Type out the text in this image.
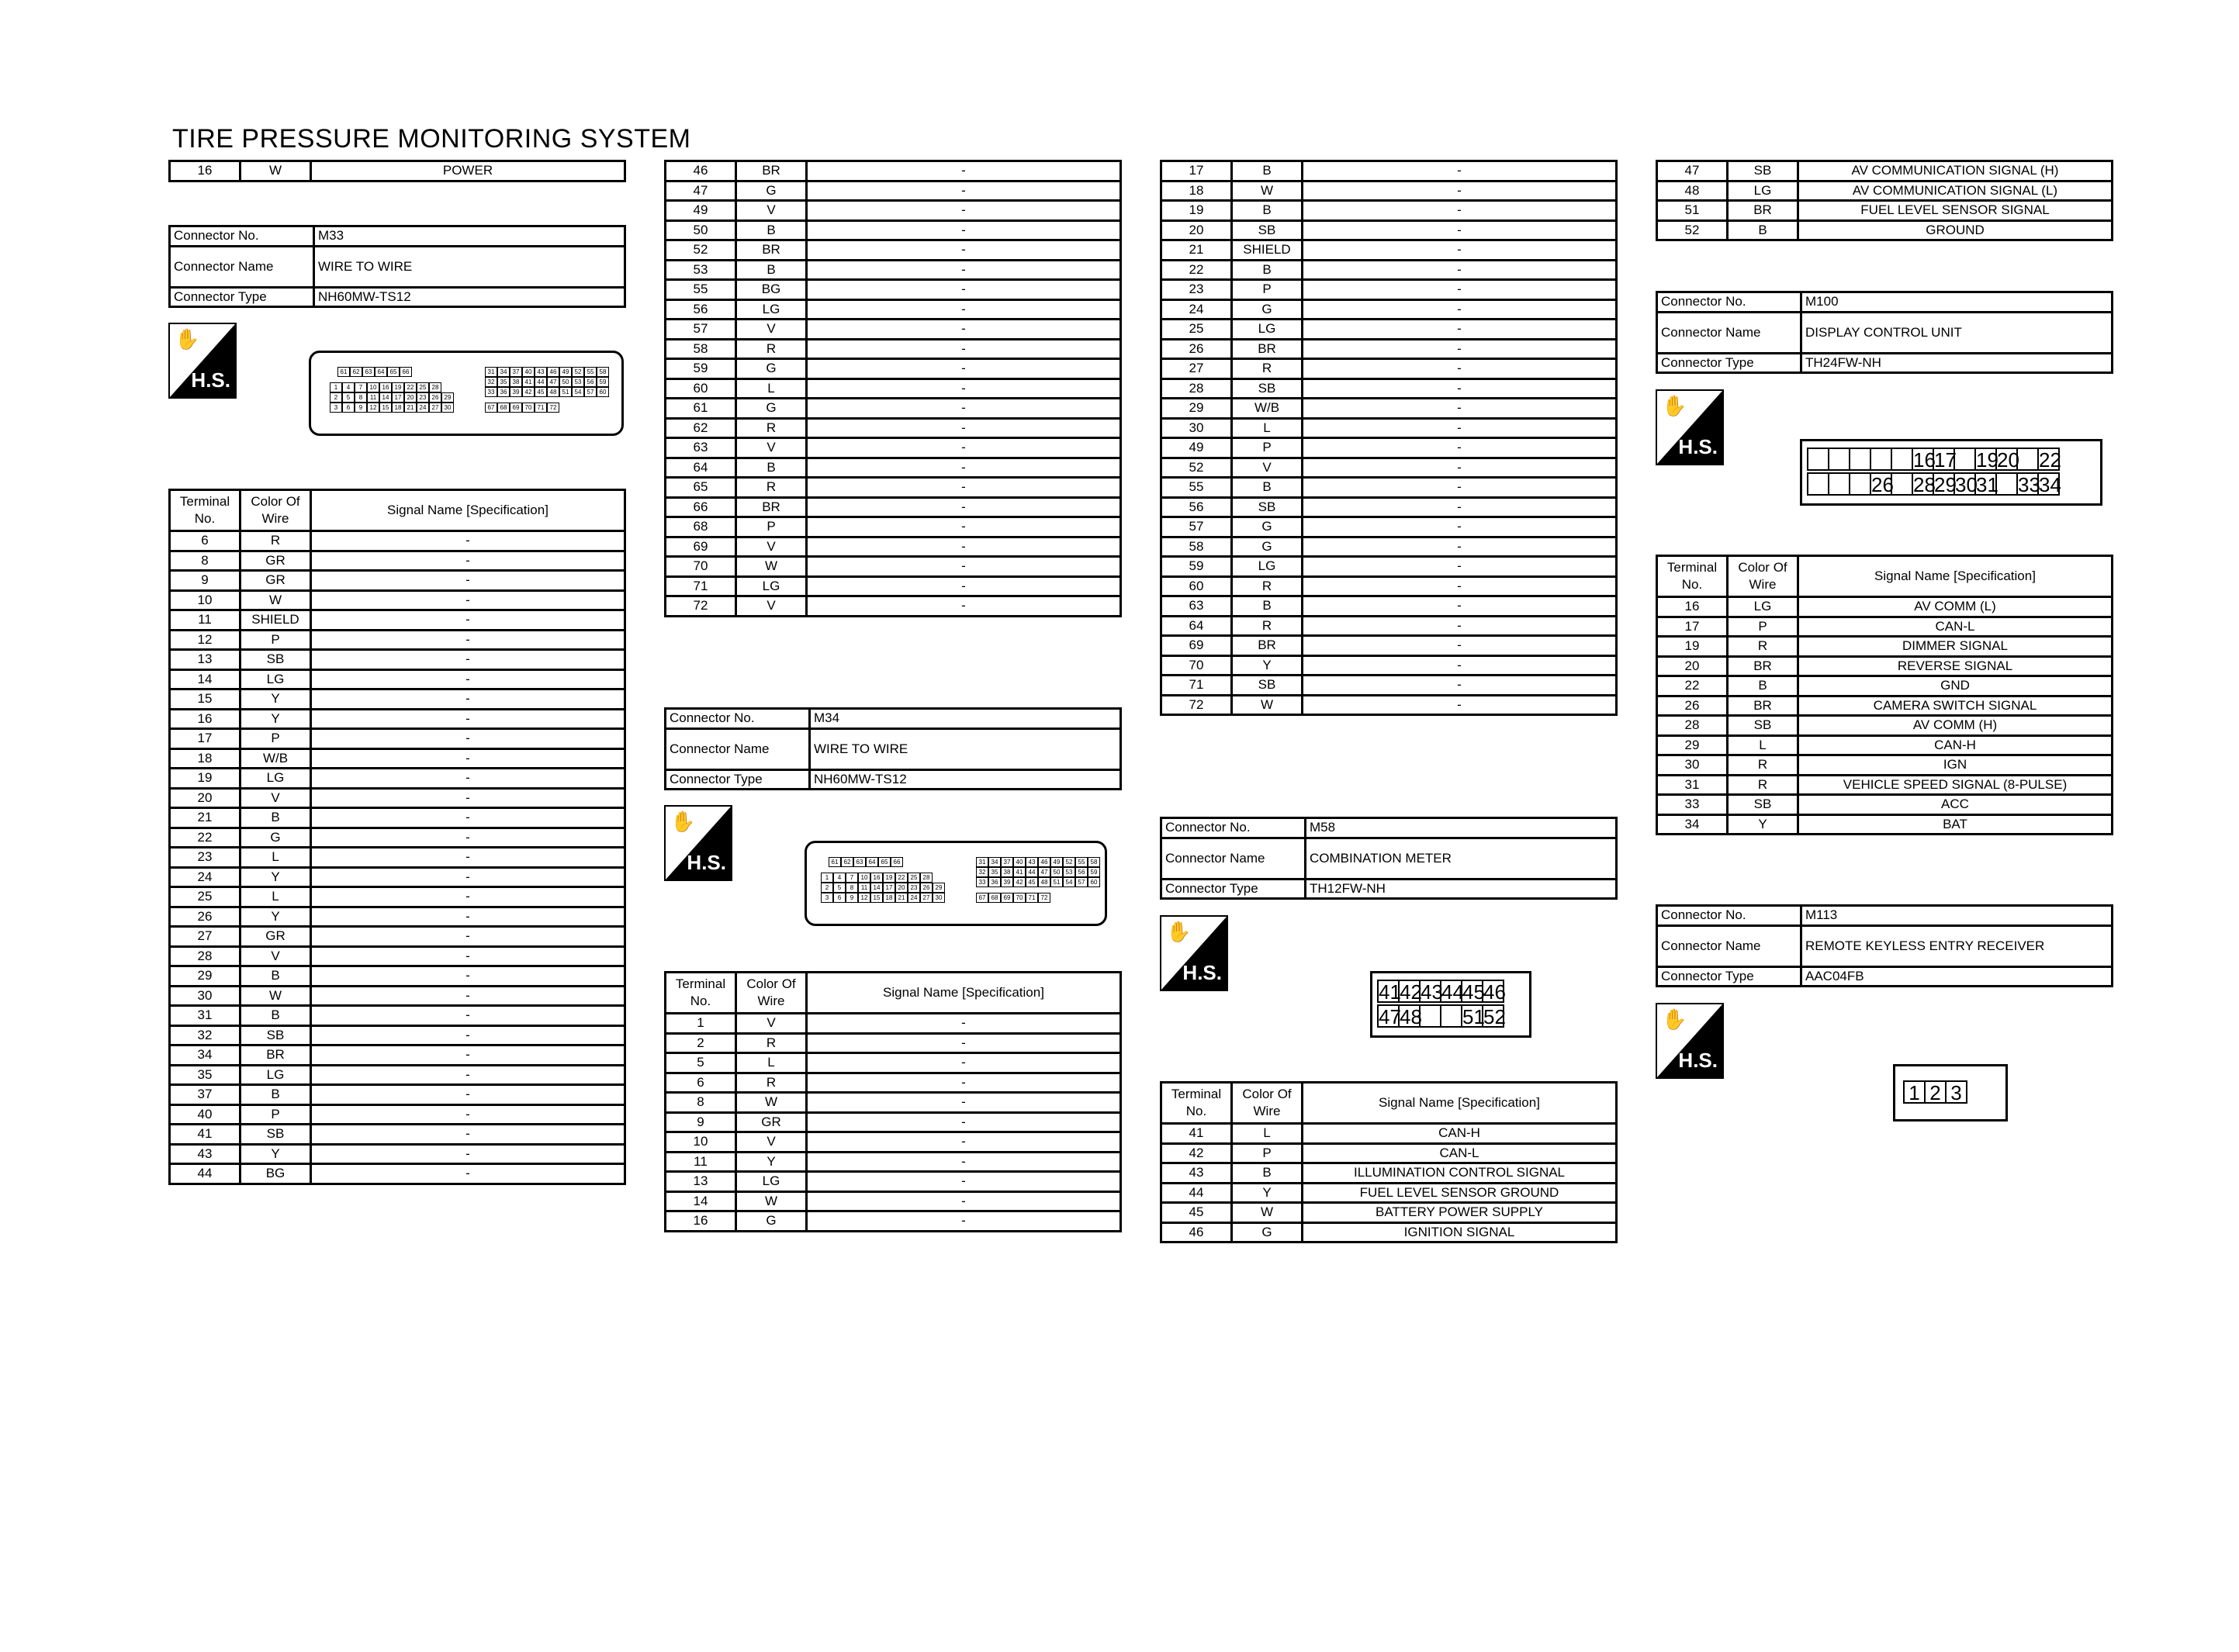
TIRE PRESSURE MONITORING SYSTEM
16	W	POWER
Connector No.	M33
Connector Name	WIRE TO WIRE
Connector Type	NH60MW-TS12
✋
H.S.	61 62 63 64 65 66
1 4 7 10 16 19 22 25 28
2 5 8 11 14 17 20 23 26 29
3 6 9 12 15 18 21 24 27 30
31 34 37 40 43 46 49 52 55 58
32 35 38 41 44 47 50 53 56 59
33 36 39 42 45 48 51 54 57 60
67 68 69 70 71 72
Terminal No.	Color Of Wire	Signal Name [Specification]
6	R	-
8	GR	-
9	GR	-
10	W	-
11	SHIELD	-
12	P	-
13	SB	-
14	LG	-
15	Y	-
16	Y	-
17	P	-
18	W/B	-
19	LG	-
20	V	-
21	B	-
22	G	-
23	L	-
24	Y	-
25	L	-
26	Y	-
27	GR	-
28	V	-
29	B	-
30	W	-
31	B	-
32	SB	-
34	BR	-
35	LG	-
37	B	-
40	P	-
41	SB	-
43	Y	-
44	BG	-
46	BR	-
47	G	-
49	V	-
50	B	-
52	BR	-
53	B	-
55	BG	-
56	LG	-
57	V	-
58	R	-
59	G	-
60	L	-
61	G	-
62	R	-
63	V	-
64	B	-
65	R	-
66	BR	-
68	P	-
69	V	-
70	W	-
71	LG	-
72	V	-
Connector No.	M34
Connector Name	WIRE TO WIRE
Connector Type	NH60MW-TS12
✋
H.S.	61 62 63 64 65 66
1 4 7 10 16 19 22 25 28
2 5 8 11 14 17 20 23 26 29
3 6 9 12 15 18 21 24 27 30
31 34 37 40 43 46 49 52 55 58
32 35 38 41 44 47 50 53 56 59
33 36 39 42 45 48 51 54 57 60
67 68 69 70 71 72
Terminal No.	Color Of Wire	Signal Name [Specification]
1	V	-
2	R	-
5	L	-
6	R	-
8	W	-
9	GR	-
10	V	-
11	Y	-
13	LG	-
14	W	-
16	G	-
17	B	-
18	W	-
19	B	-
20	SB	-
21	SHIELD	-
22	B	-
23	P	-
24	G	-
25	LG	-
26	BR	-
27	R	-
28	SB	-
29	W/B	-
30	L	-
49	P	-
52	V	-
55	B	-
56	SB	-
57	G	-
58	G	-
59	LG	-
60	R	-
63	B	-
64	R	-
69	BR	-
70	Y	-
71	SB	-
72	W	-
Connector No.	M58
Connector Name	COMBINATION METER
Connector Type	TH12FW-NH
✋
H.S.
41
42
43
44
45
46
47
48 51
52
Terminal No.	Color Of Wire	Signal Name [Specification]
41	L	CAN-H
42	P	CAN-L
43	B	ILLUMINATION CONTROL SIGNAL
44	Y	FUEL LEVEL SENSOR GROUND
45	W	BATTERY POWER SUPPLY
46	G	IGNITION SIGNAL
47	SB	AV COMMUNICATION SIGNAL (H)
48	LG	AV COMMUNICATION SIGNAL (L)
51	BR	FUEL LEVEL SENSOR SIGNAL
52	B	GROUND
Connector No.	M100
Connector Name	DISPLAY CONTROL UNIT
Connector Type	TH24FW-NH
✋
H.S.
16
17 19
20 22
26 28
29
30
31 33
34
Terminal No.	Color Of Wire	Signal Name [Specification]
16	LG	AV COMM (L)
17	P	CAN-L
19	R	DIMMER SIGNAL
20	BR	REVERSE SIGNAL
22	B	GND
26	BR	CAMERA SWITCH SIGNAL
28	SB	AV COMM (H)
29	L	CAN-H
30	R	IGN
31	R	VEHICLE SPEED SIGNAL (8-PULSE)
33	SB	ACC
34	Y	BAT
Connector No.	M113
Connector Name	REMOTE KEYLESS ENTRY RECEIVER
Connector Type	AAC04FB
✋
H.S.
1 2 3
